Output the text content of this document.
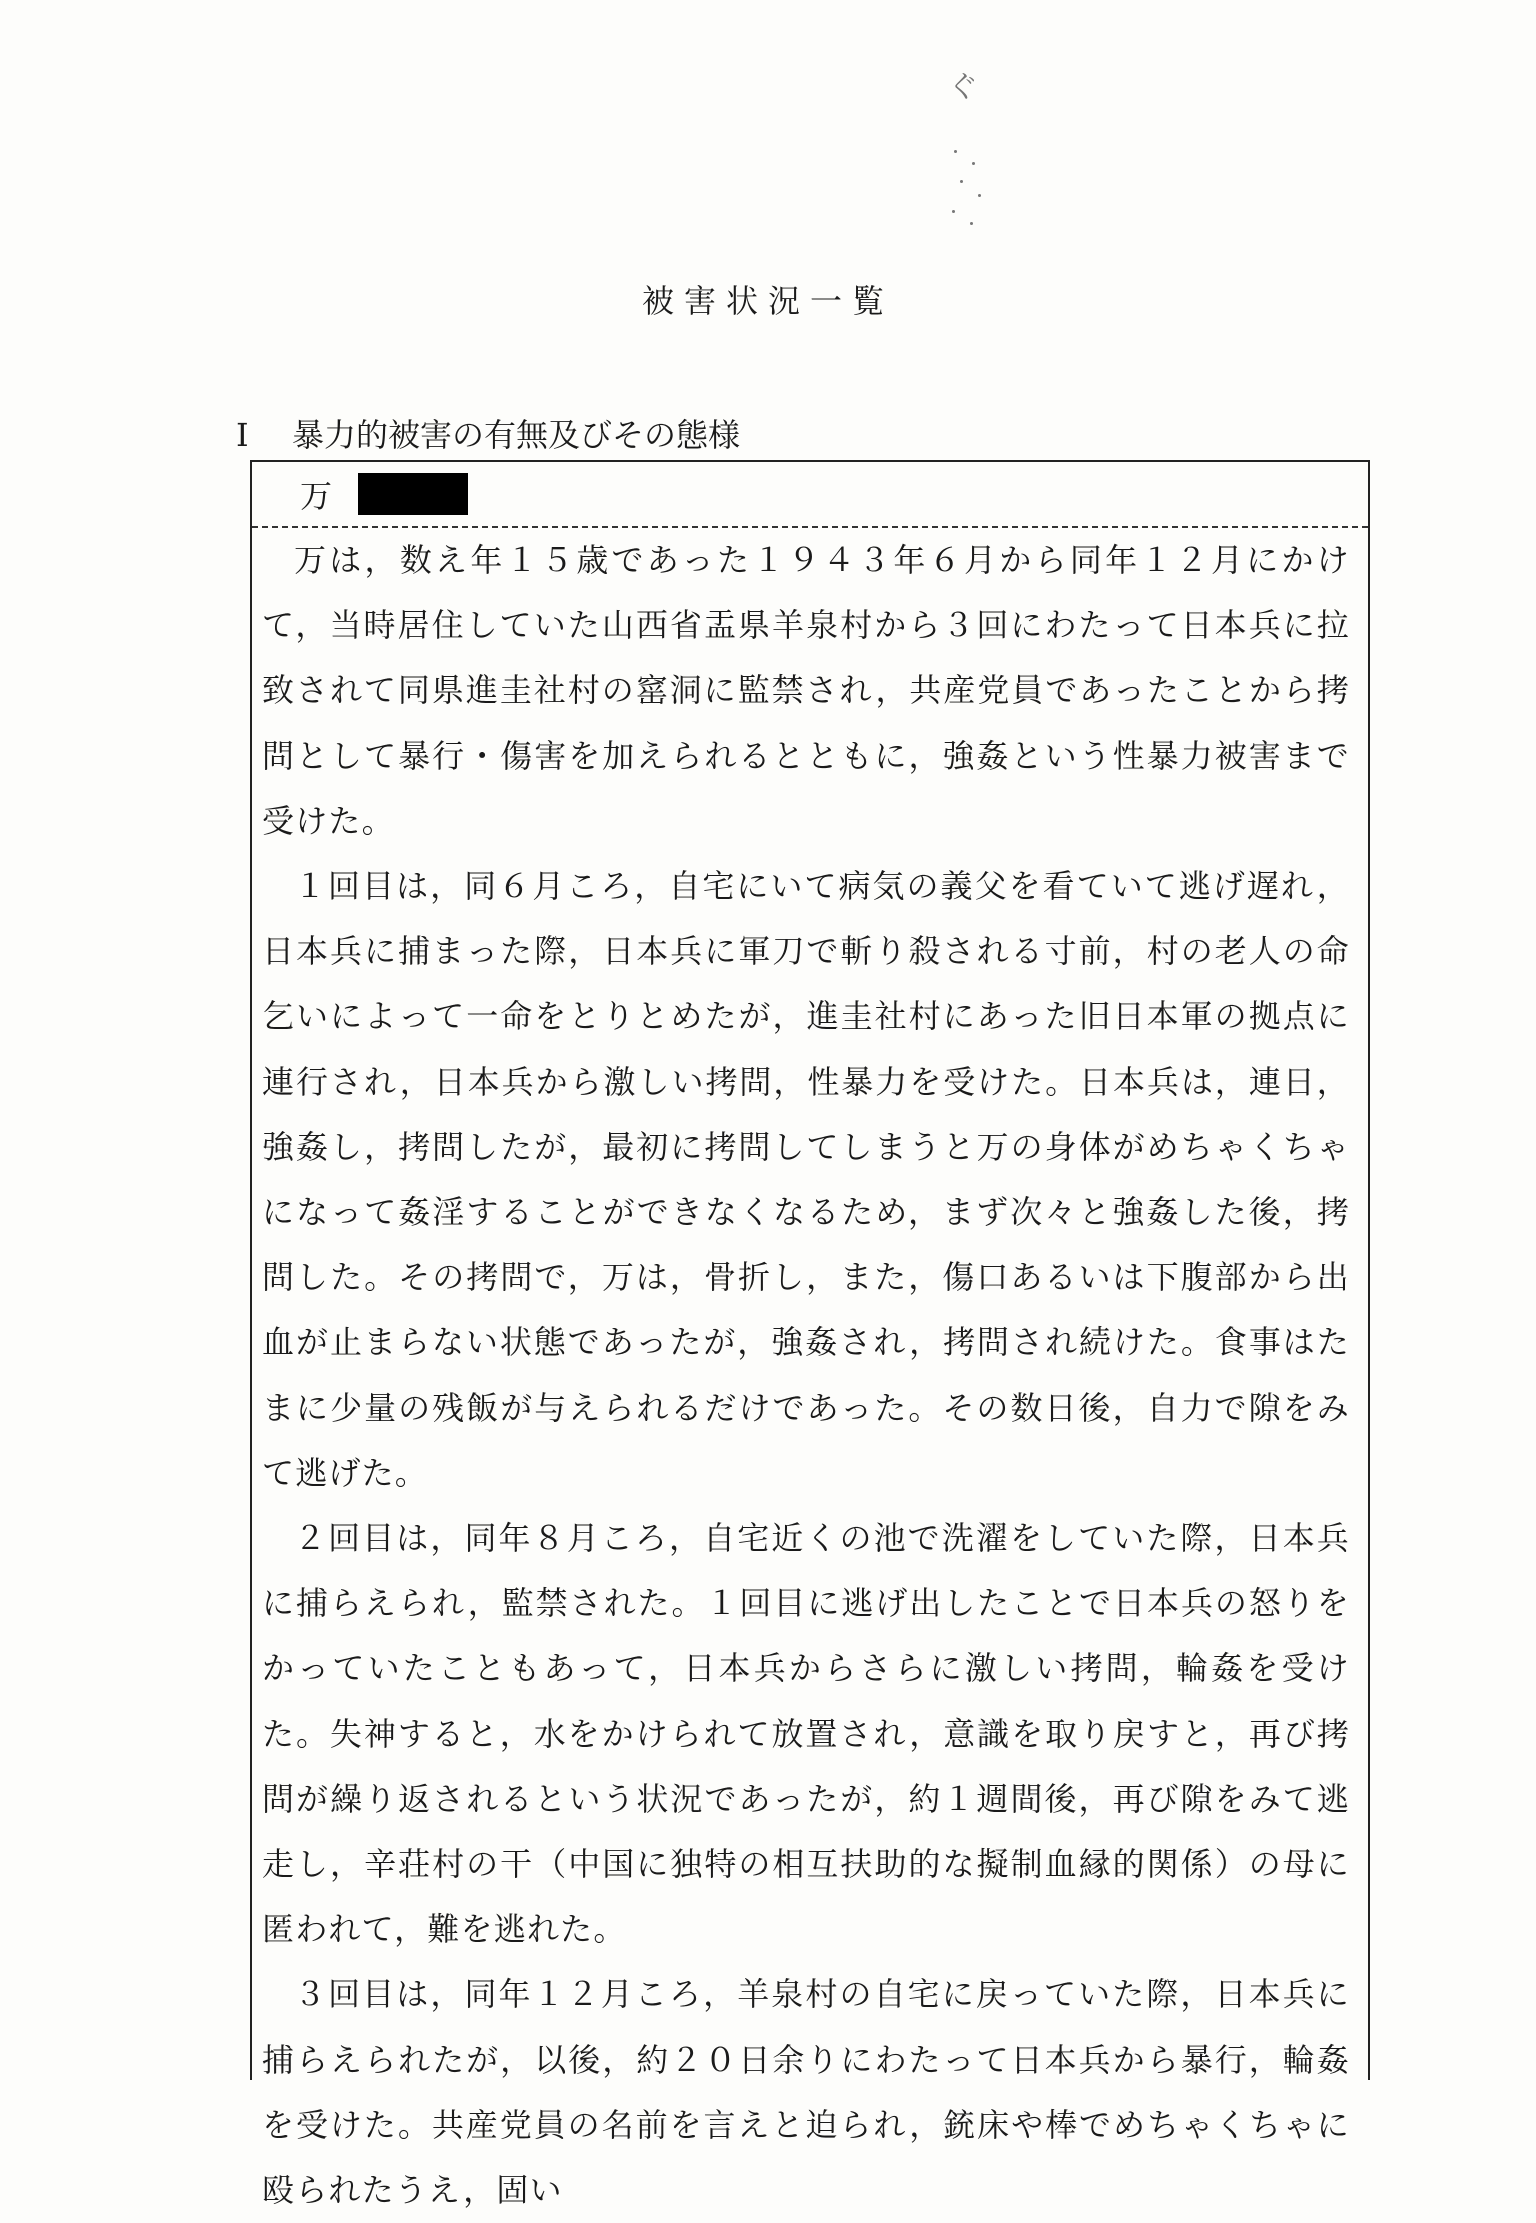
ぐ
被害状況一覧
I 暴力的被害の有無及びその態様
万

万は，数え年１５歳であった１９４３年６月から同年１２月にかけて，当時居住していた山西省盂県羊泉村から３回にわたって日本兵に拉致されて同県進圭社村の窰洞に監禁され，共産党員であったことから拷問として暴行・傷害を加えられるとともに，強姦という性暴力被害まで受けた。

１回目は，同６月ころ，自宅にいて病気の義父を看ていて逃げ遅れ，日本兵に捕まった際，日本兵に軍刀で斬り殺される寸前，村の老人の命乞いによって一命をとりとめたが，進圭社村にあった旧日本軍の拠点に連行され，日本兵から激しい拷問，性暴力を受けた。日本兵は，連日，強姦し，拷問したが，最初に拷問してしまうと万の身体がめちゃくちゃになって姦淫することができなくなるため，まず次々と強姦した後，拷問した。その拷問で，万は，骨折し，また，傷口あるいは下腹部から出血が止まらない状態であったが，強姦され，拷問され続けた。食事はたまに少量の残飯が与えられるだけであった。その数日後，自力で隙をみて逃げた。

２回目は，同年８月ころ，自宅近くの池で洗濯をしていた際，日本兵に捕らえられ，監禁された。１回目に逃げ出したことで日本兵の怒りをかっていたこともあって，日本兵からさらに激しい拷問，輪姦を受けた。失神すると，水をかけられて放置され，意識を取り戻すと，再び拷問が繰り返されるという状況であったが，約１週間後，再び隙をみて逃走し，辛荘村の干（中国に独特の相互扶助的な擬制血縁的関係）の母に匿われて，難を逃れた。

３回目は，同年１２月ころ，羊泉村の自宅に戻っていた際，日本兵に捕らえられたが，以後，約２０日余りにわたって日本兵から暴行，輪姦を受けた。共産党員の名前を言えと迫られ，銃床や棒でめちゃくちゃに殴られたうえ，固い
